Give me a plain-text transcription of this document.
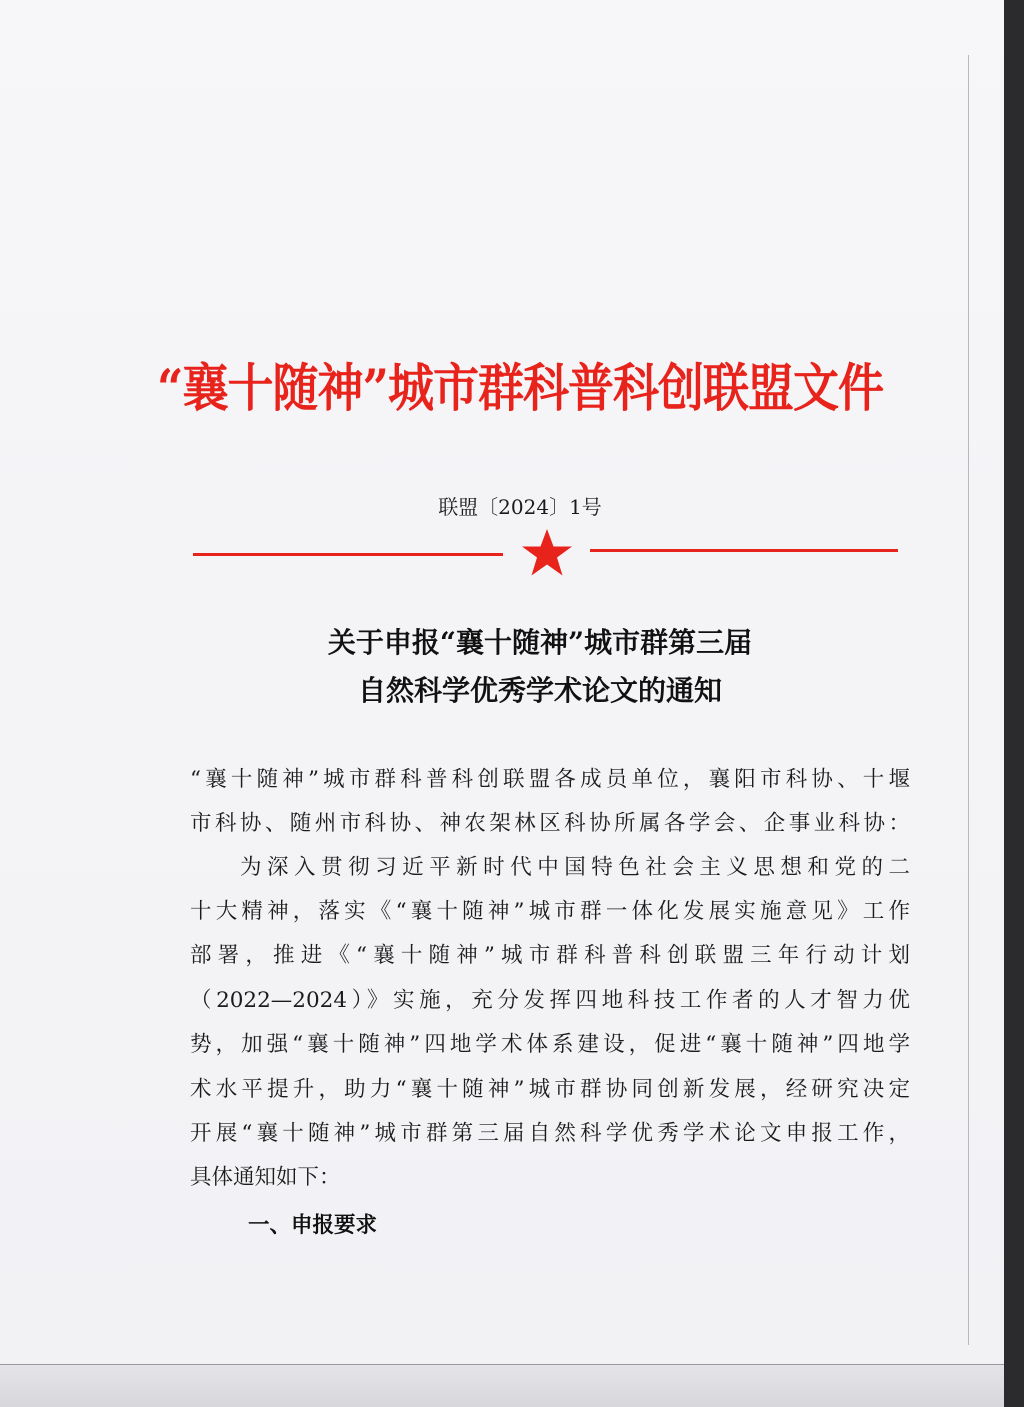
“襄十随神”城市群科普科创联盟文件
联盟〔2024〕1号
关于申报“襄十随神”城市群第三届
自然科学优秀学术论文的通知
“襄十随神”城市群科普科创联盟各成员单位，襄阳市科协、十堰
市科协、随州市科协、神农架林区科协所属各学会、企事业科协：
为深入贯彻习近平新时代中国特色社会主义思想和党的二
十大精神，落实《“襄十随神”城市群一体化发展实施意见》工作
部署，推进《“襄十随神”城市群科普科创联盟三年行动计划
（2022—2024）》实施，充分发挥四地科技工作者的人才智力优
势，加强“襄十随神”四地学术体系建设，促进“襄十随神”四地学
术水平提升，助力“襄十随神”城市群协同创新发展，经研究决定
开展“襄十随神”城市群第三届自然科学优秀学术论文申报工作，
具体通知如下：
一、申报要求
